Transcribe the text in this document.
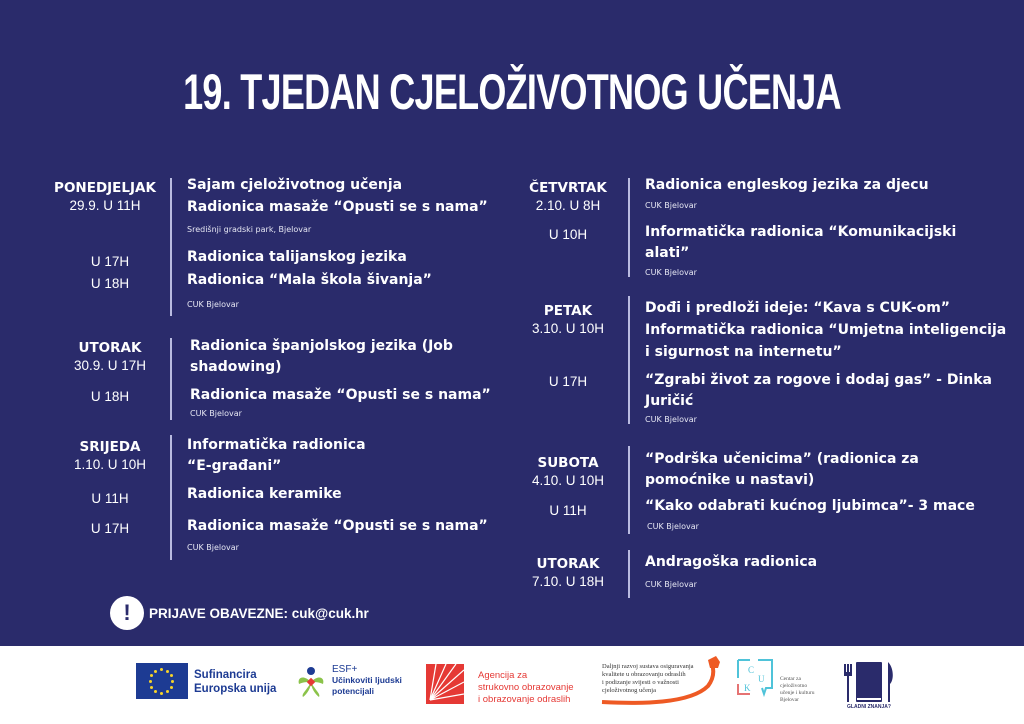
19. TJEDAN CJELOŽIVOTNOG UČENJA
PONEDJELJAK
29.9. U 11H
U 17H
U 18H
Sajam cjeloživotnog učenja
Radionica masaže “Opusti se s nama”
Središnji gradski park, Bjelovar
Radionica talijanskog jezika
Radionica “Mala škola šivanja”
CUK Bjelovar
UTORAK
30.9. U 17H
U 18H
Radionica španjolskog jezika (Job
shadowing)
Radionica masaže “Opusti se s nama”
CUK Bjelovar
SRIJEDA
1.10. U 10H
U 11H
U 17H
Informatička radionica
“E-građani”
Radionica keramike
Radionica masaže “Opusti se s nama”
CUK Bjelovar
ČETVRTAK
2.10. U 8H
U 10H
Radionica engleskog jezika za djecu
CUK Bjelovar
Informatička radionica “Komunikacijski
alati”
CUK Bjelovar
PETAK
3.10. U 10H
U 17H
Dođi i predloži ideje: “Kava s CUK-om”
Informatička radionica “Umjetna inteligencija
i sigurnost na internetu”
“Zgrabi život za rogove i dodaj gas” - Dinka
Juričić
CUK Bjelovar
SUBOTA
4.10. U 10H
U 11H
“Podrška učenicima” (radionica za
pomoćnike u nastavi)
“Kako odabrati kućnog ljubimca”- 3 mace
CUK Bjelovar
UTORAK
7.10. U 18H
Andragoška radionica
CUK Bjelovar
!	PRIJAVE OBAVEZNE: cuk@cuk.hr
Sufinancira
Europska unija
ESF+
Učinkoviti ljudski
potencijali
Agencija za
strukovno obrazovanje
i obrazovanje odraslih
Daljnji razvoj sustava osiguravanja
kvalitete u obrazovanju odraslih
i podizanje svijesti o važnosti
cjeloživotnog učenja
C
U
K
Centar za
cjeloživotno
učenje i kulturu
Bjelovar
GLADNI ZNANJA?
